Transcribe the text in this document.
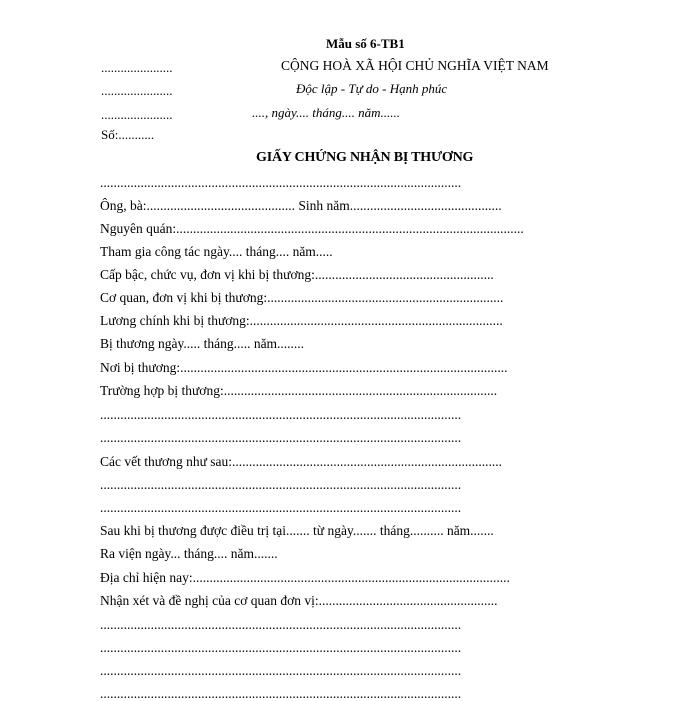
Mẫu số 6-TB1
......................	CỘNG HOÀ XÃ HỘI CHỦ NGHĨA VIỆT NAM
......................	Độc lập - Tự do - Hạnh phúc
......................	...., ngày.... tháng.... năm......
Số:...........
GIẤY CHỨNG NHẬN BỊ THƯƠNG
...........................................................................................................
Ông, bà:............................................ Sinh năm.............................................
Nguyên quán:.......................................................................................................
Tham gia công tác ngày.... tháng.... năm.....
Cấp bậc, chức vụ, đơn vị khi bị thương:.....................................................
Cơ quan, đơn vị khi bị thương:......................................................................
Lương chính khi bị thương:...........................................................................
Bị thương ngày..... tháng..... năm........
Nơi bị thương:.................................................................................................
Trường hợp bị thương:.................................................................................
...........................................................................................................
...........................................................................................................
Các vết thương như sau:................................................................................
...........................................................................................................
...........................................................................................................
Sau khi bị thương được điều trị tại....... từ ngày....... tháng.......... năm.......
Ra viện ngày... tháng.... năm.......
Địa chỉ hiện nay:..............................................................................................
Nhận xét và đề nghị của cơ quan đơn vị:.....................................................
...........................................................................................................
...........................................................................................................
...........................................................................................................
...........................................................................................................
